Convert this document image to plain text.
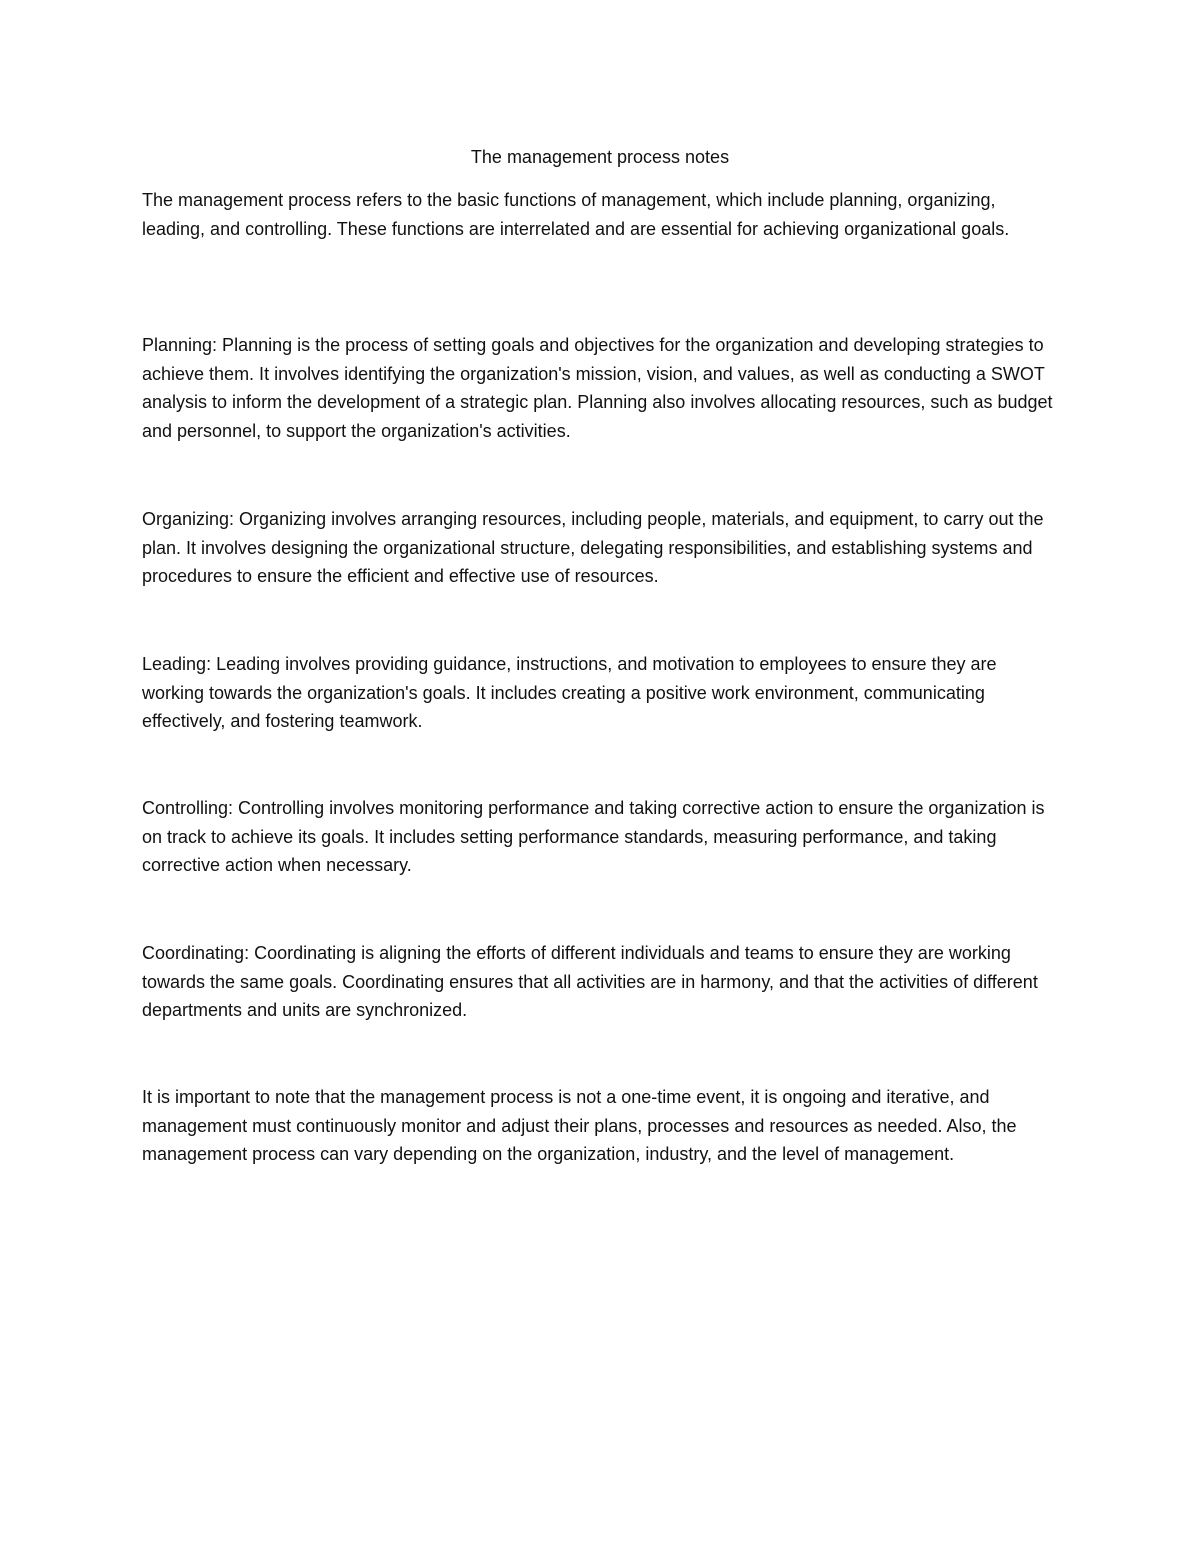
The management process notes

The management process refers to the basic functions of management, which include planning, organizing, leading, and controlling. These functions are interrelated and are essential for achieving organizational goals.

Planning: Planning is the process of setting goals and objectives for the organization and developing strategies to achieve them. It involves identifying the organization's mission, vision, and values, as well as conducting a SWOT analysis to inform the development of a strategic plan. Planning also involves allocating resources, such as budget and personnel, to support the organization's activities.

Organizing: Organizing involves arranging resources, including people, materials, and equipment, to carry out the plan. It involves designing the organizational structure, delegating responsibilities, and establishing systems and procedures to ensure the efficient and effective use of resources.

Leading: Leading involves providing guidance, instructions, and motivation to employees to ensure they are working towards the organization's goals. It includes creating a positive work environment, communicating effectively, and fostering teamwork.

Controlling: Controlling involves monitoring performance and taking corrective action to ensure the organization is on track to achieve its goals. It includes setting performance standards, measuring performance, and taking corrective action when necessary.

Coordinating: Coordinating is aligning the efforts of different individuals and teams to ensure they are working towards the same goals. Coordinating ensures that all activities are in harmony, and that the activities of different departments and units are synchronized.

It is important to note that the management process is not a one-time event, it is ongoing and iterative, and management must continuously monitor and adjust their plans, processes and resources as needed. Also, the management process can vary depending on the organization, industry, and the level of management.
